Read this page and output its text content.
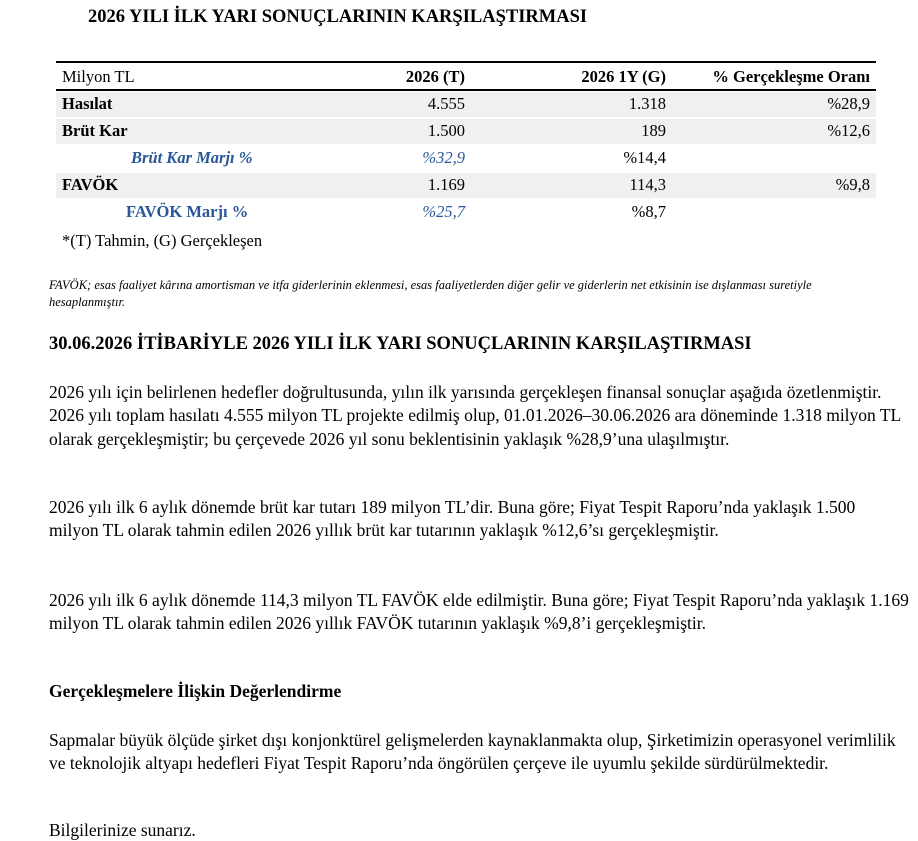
2026 YILI İLK YARI SONUÇLARININ KARŞILAŞTIRMASI
Milyon TL	2026 (T)	2026 1Y (G)	% Gerçekleşme Oranı
Hasılat	4.555	1.318	%28,9
Brüt Kar	1.500	189	%12,6
Brüt Kar Marjı %	%32,9	%14,4
FAVÖK	1.169	114,3	%9,8
FAVÖK Marjı %	%25,7	%8,7
*(T) Tahmin, (G) Gerçekleşen
FAVÖK; esas faaliyet kârına amortisman ve itfa giderlerinin eklenmesi, esas faaliyetlerden diğer gelir ve giderlerin net etkisinin ise dışlanması suretiyle hesaplanmıştır.
30.06.2026 İTİBARİYLE 2026 YILI İLK YARI SONUÇLARININ KARŞILAŞTIRMASI
2026 yılı için belirlenen hedefler doğrultusunda, yılın ilk yarısında gerçekleşen finansal sonuçlar aşağıda özetlenmiştir. 2026 yılı toplam hasılatı 4.555 milyon TL projekte edilmiş olup, 01.01.2026–30.06.2026 ara döneminde 1.318 milyon TL olarak gerçekleşmiştir; bu çerçevede 2026 yıl sonu beklentisinin yaklaşık %28,9’una ulaşılmıştır.
2026 yılı ilk 6 aylık dönemde brüt kar tutarı 189 milyon TL’dir. Buna göre; Fiyat Tespit Raporu’nda yaklaşık 1.500 milyon TL olarak tahmin edilen 2026 yıllık brüt kar tutarının yaklaşık %12,6’sı gerçekleşmiştir.
2026 yılı ilk 6 aylık dönemde 114,3 milyon TL FAVÖK elde edilmiştir. Buna göre; Fiyat Tespit Raporu’nda yaklaşık 1.169 milyon TL olarak tahmin edilen 2026 yıllık FAVÖK tutarının yaklaşık %9,8’i gerçekleşmiştir.
Gerçekleşmelere İlişkin Değerlendirme
Sapmalar büyük ölçüde şirket dışı konjonktürel gelişmelerden kaynaklanmakta olup, Şirketimizin operasyonel verimlilik ve teknolojik altyapı hedefleri Fiyat Tespit Raporu’nda öngörülen çerçeve ile uyumlu şekilde sürdürülmektedir.
Bilgilerinize sunarız.
